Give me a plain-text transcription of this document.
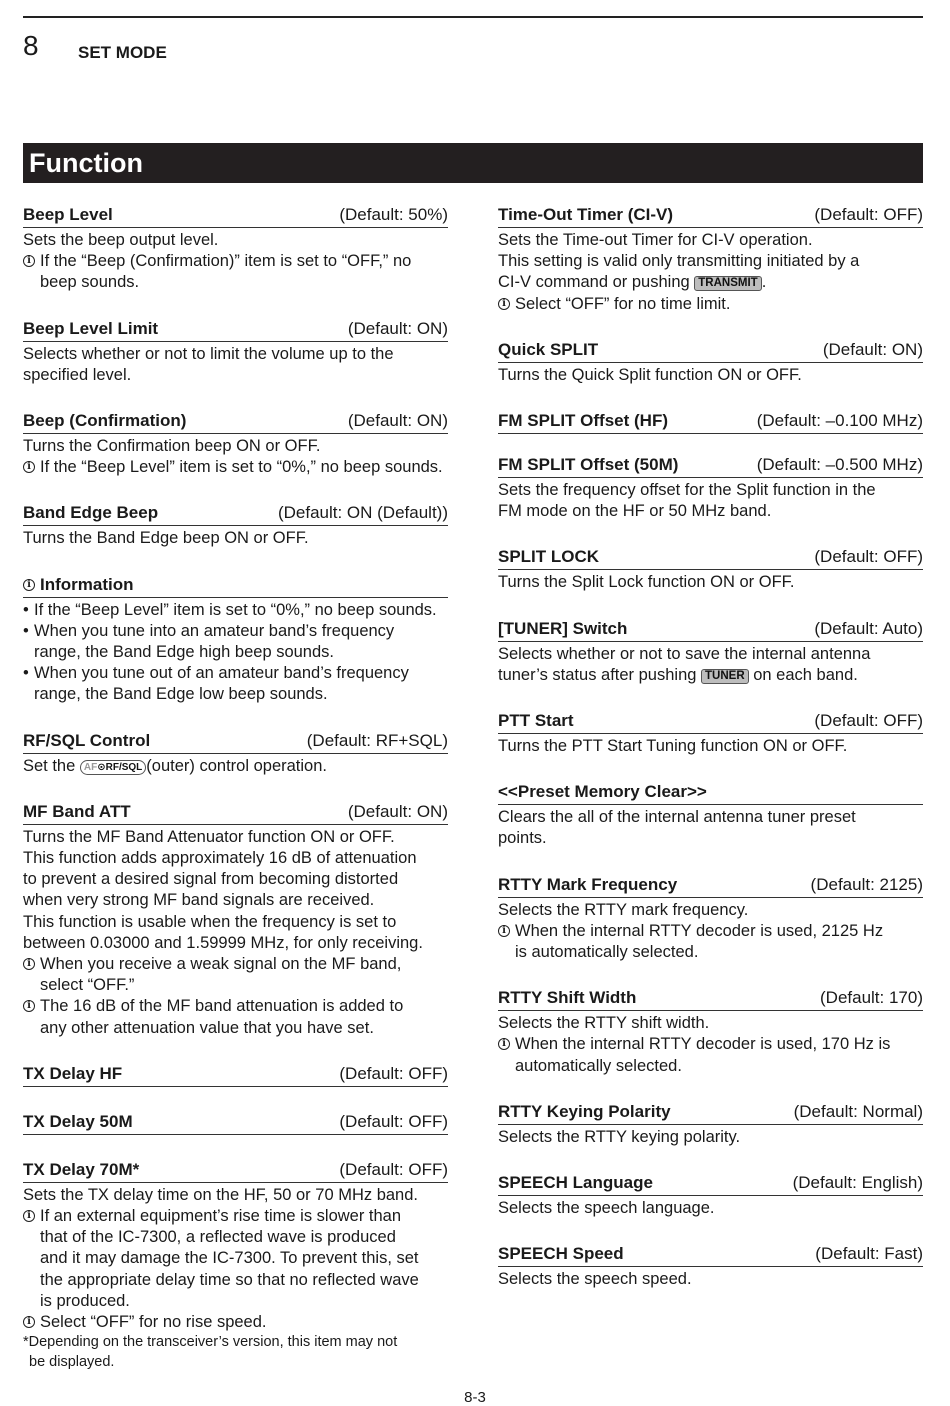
8 SET MODE
Function
Beep Level	(Default: 50%)
Sets the beep output level.
i
If the “Beep (Confirmation)” item is set to “OFF,” no
beep sounds.
Beep Level Limit	(Default: ON)
Selects whether or not to limit the volume up to the
specified level.
Beep (Confirmation)	(Default: ON)
Turns the Confirmation beep ON or OFF.
i
If the “Beep Level” item is set to “0%,” no beep sounds.
Band Edge Beep	(Default: ON (Default))
Turns the Band Edge beep ON or OFF.
i
Information
• If the “Beep Level” item is set to “0%,” no beep sounds.
• When you tune into an amateur band’s frequency
range, the Band Edge high beep sounds.
• When you tune out of an amateur band’s frequency
range, the Band Edge low beep sounds.
RF/SQL Control	(Default: RF+SQL)
Set the AF⊙RF/SQL (outer) control operation.
MF Band ATT	(Default: ON)
Turns the MF Band Attenuator function ON or OFF.
This function adds approximately 16 dB of attenuation
to prevent a desired signal from becoming distorted
when very strong MF band signals are received.
This function is usable when the frequency is set to
between 0.03000 and 1.59999 MHz, for only receiving.
i
When you receive a weak signal on the MF band,
select “OFF.”
i
The 16 dB of the MF band attenuation is added to
any other attenuation value that you have set.
TX Delay HF	(Default: OFF)
TX Delay 50M	(Default: OFF)
TX Delay 70M*	(Default: OFF)
Sets the TX delay time on the HF, 50 or 70 MHz band.
i
If an external equipment’s rise time is slower than
that of the IC-7300, a reflected wave is produced
and it may damage the IC-7300. To prevent this, set
the appropriate delay time so that no reflected wave
is produced.
i
Select “OFF” for no rise speed.
*Depending on the transceiver’s version, this item may not
be displayed.
Time-Out Timer (CI-V)	(Default: OFF)
Sets the Time-out Timer for CI-V operation.
This setting is valid only transmitting initiated by a
CI-V command or pushing TRANSMIT .
i
Select “OFF” for no time limit.
Quick SPLIT	(Default: ON)
Turns the Quick Split function ON or OFF.
FM SPLIT Offset (HF)	(Default: –0.100 MHz)
FM SPLIT Offset (50M)	(Default: –0.500 MHz)
Sets the frequency offset for the Split function in the
FM mode on the HF or 50 MHz band.
SPLIT LOCK	(Default: OFF)
Turns the Split Lock function ON or OFF.
[TUNER] Switch	(Default: Auto)
Selects whether or not to save the internal antenna
tuner’s status after pushing TUNER on each band.
PTT Start	(Default: OFF)
Turns the PTT Start Tuning function ON or OFF.
<<Preset Memory Clear>>
Clears the all of the internal antenna tuner preset
points.
RTTY Mark Frequency	(Default: 2125)
Selects the RTTY mark frequency.
i
When the internal RTTY decoder is used, 2125 Hz
is automatically selected.
RTTY Shift Width	(Default: 170)
Selects the RTTY shift width.
i
When the internal RTTY decoder is used, 170 Hz is
automatically selected.
RTTY Keying Polarity	(Default: Normal)
Selects the RTTY keying polarity.
SPEECH Language	(Default: English)
Selects the speech language.
SPEECH Speed	(Default: Fast)
Selects the speech speed.
8-3
